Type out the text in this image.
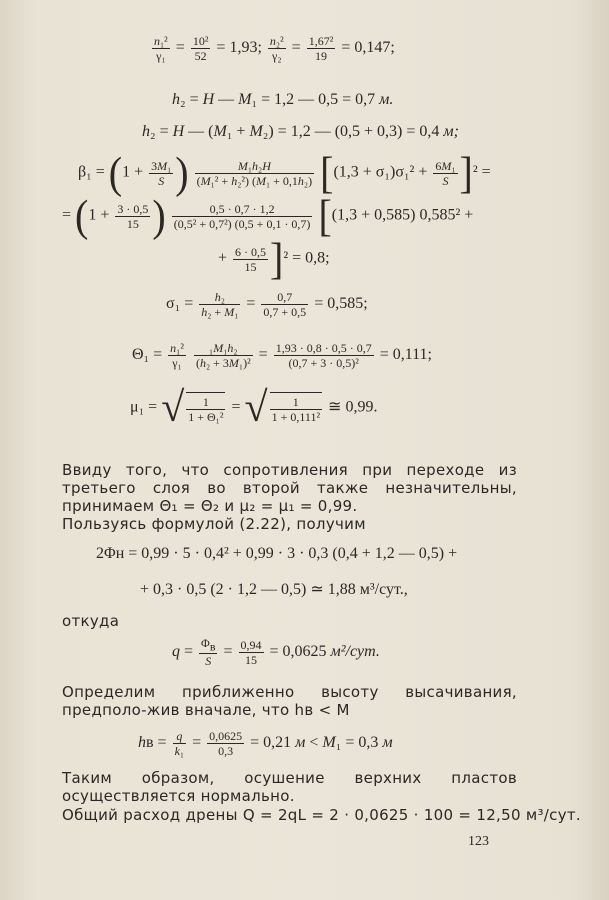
$\frac{\text{n₁²}}{\text{γ₁}} = \frac{\text{10²}}{52} = 1,93$; $\frac{\text{n₂²}}{\text{γ₂}} = \frac{\text{1,67²}}{19} = 0,147$;
h₂ = H — M₁ = 1,2 — 0,5 = 0,7 м.
h₂ = H — (M₁ + M₂) = 1,2 — (0,5 + 0,3) = 0,4 м;
$\beta_1 = (1 + \frac{\text{3M₁}}{S}$ ) $\frac{\text{M₁h₂H}}{\text{(M₁² + h₂²) (M₁ + 0,1h₂)}} [(1,3 + \sigma_1)\sigma_1^2 + \frac{\text{6M₁}}{S} ]^2$ =
= ($1 + \frac{3 \cdot 0,5}{15}$ ) $\frac{0,5 \cdot 0,7 \cdot 1,2}{\text{(0,5² + 0,7²) (0,5 + 0,1 · 0,7)}} [(1,3 + 0,585) 0,585^2$ +
+ $\frac{6 \cdot 0,5}{15} ]^2 = 0,8$;
$\sigma_1 = \frac{\text{h₂}}{\text{h₂ + M₁}} = \frac{0,7}{0,7 + 0,5} = 0,585$;
$\Theta_1 = \frac{\text{n₁²}}{\text{γ₁}}$
$\frac{\text{₁M₁h₂}}{\text{(h₂ + 3M₁)²}} = \frac{1,93 \cdot 0,8 \cdot 0,5 \cdot 0,7}{\text{(0,7 + 3 · 0,5)²}} = 0,111$;
μ₁ = √ $\frac{1}{\text{1 + Θ₁²}}$ = √ $\frac{1}{\text{1 + 0,111²}}$ ≅ 0,99.
Ввиду того, что сопротивления при переходе из третьего слоя во второй также незначительны, принимаем Θ₁ = Θ₂ и μ₂ = μ₁ = 0,99.
Пользуясь формулой (2.22), получим
2Φн = 0,99 · 5 · 0,4² + 0,99 · 3 · 0,3 (0,4 + 1,2 — 0,5) +
+ 0,3 · 0,5 (2 · 1,2 — 0,5) ≃ 1,88 м³/сут.,
откуда
$q = \frac{\Phi_в}{S} = \frac{0,94}{15} = 0,0625$ м²/сут.
Определим приближенно высоту высачивания, предполо-жив вначале, что hв < M
hв = $\frac{q}{\text{k₁}} = \frac{0,0625}{0,3} = 0,21$ м < M₁ = 0,3 м
Таким образом, осушение верхних пластов осуществляется нормально.
Общий расход дрены Q = 2qL = 2 · 0,0625 · 100 = 12,50 м³/сут.
123
